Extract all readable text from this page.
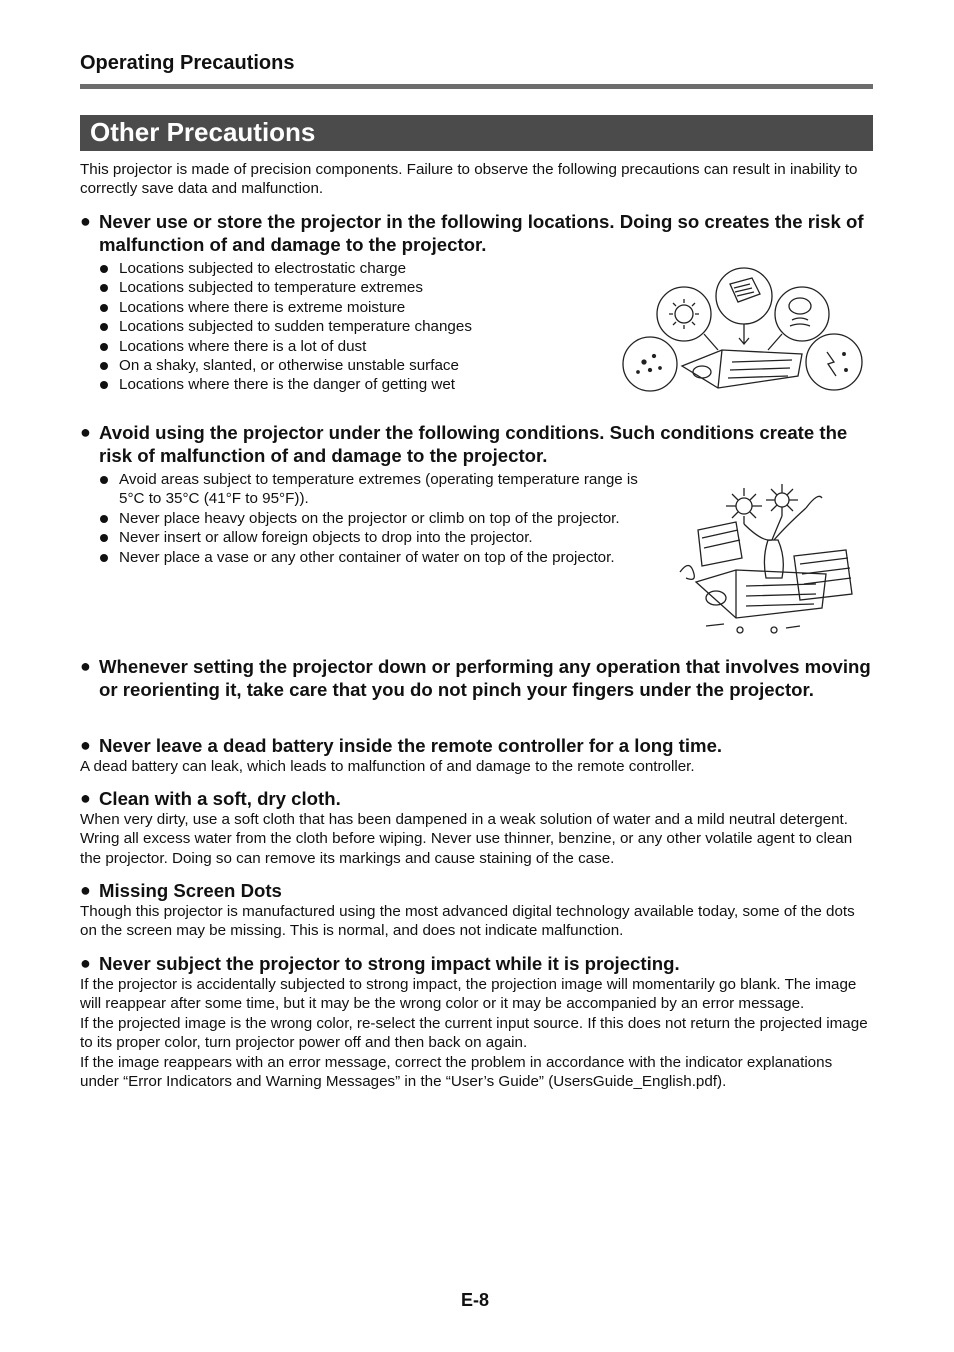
Operating Precautions
Other Precautions
This projector is made of precision components. Failure to observe the following precautions can result in inability to correctly save data and malfunction.
● Never use or store the projector in the following locations. Doing so creates the risk of malfunction of and damage to the projector.
Locations subjected to electrostatic charge
Locations subjected to temperature extremes
Locations where there is extreme moisture
Locations subjected to sudden temperature changes
Locations where there is a lot of dust
On a shaky, slanted, or otherwise unstable surface
Locations where there is the danger of getting wet
● Avoid using the projector under the following conditions. Such conditions create the risk of malfunction of and damage to the projector.
Avoid areas subject to temperature extremes (operating temperature range is 5°C to 35°C (41°F to 95°F)).
Never place heavy objects on the projector or climb on top of the projector.
Never insert or allow foreign objects to drop into the projector.
Never place a vase or any other container of water on top of the projector.
● Whenever setting the projector down or performing any operation that involves moving or reorienting it, take care that you do not pinch your fingers under the projector.
● Never leave a dead battery inside the remote controller for a long time.
A dead battery can leak, which leads to malfunction of and damage to the remote controller.
● Clean with a soft, dry cloth.
When very dirty, use a soft cloth that has been dampened in a weak solution of water and a mild neutral detergent. Wring all excess water from the cloth before wiping. Never use thinner, benzine, or any other volatile agent to clean the projector. Doing so can remove its markings and cause staining of the case.
● Missing Screen Dots
Though this projector is manufactured using the most advanced digital technology available today, some of the dots on the screen may be missing. This is normal, and does not indicate malfunction.
● Never subject the projector to strong impact while it is projecting.
If the projector is accidentally subjected to strong impact, the projection image will momentarily go blank. The image will reappear after some time, but it may be the wrong color or it may be accompanied by an error message.
If the projected image is the wrong color, re-select the current input source. If this does not return the projected image to its proper color, turn projector power off and then back on again.
If the image reappears with an error message, correct the problem in accordance with the indicator explanations under “Error Indicators and Warning Messages” in the “User’s Guide” (UsersGuide_English.pdf).
E-8
